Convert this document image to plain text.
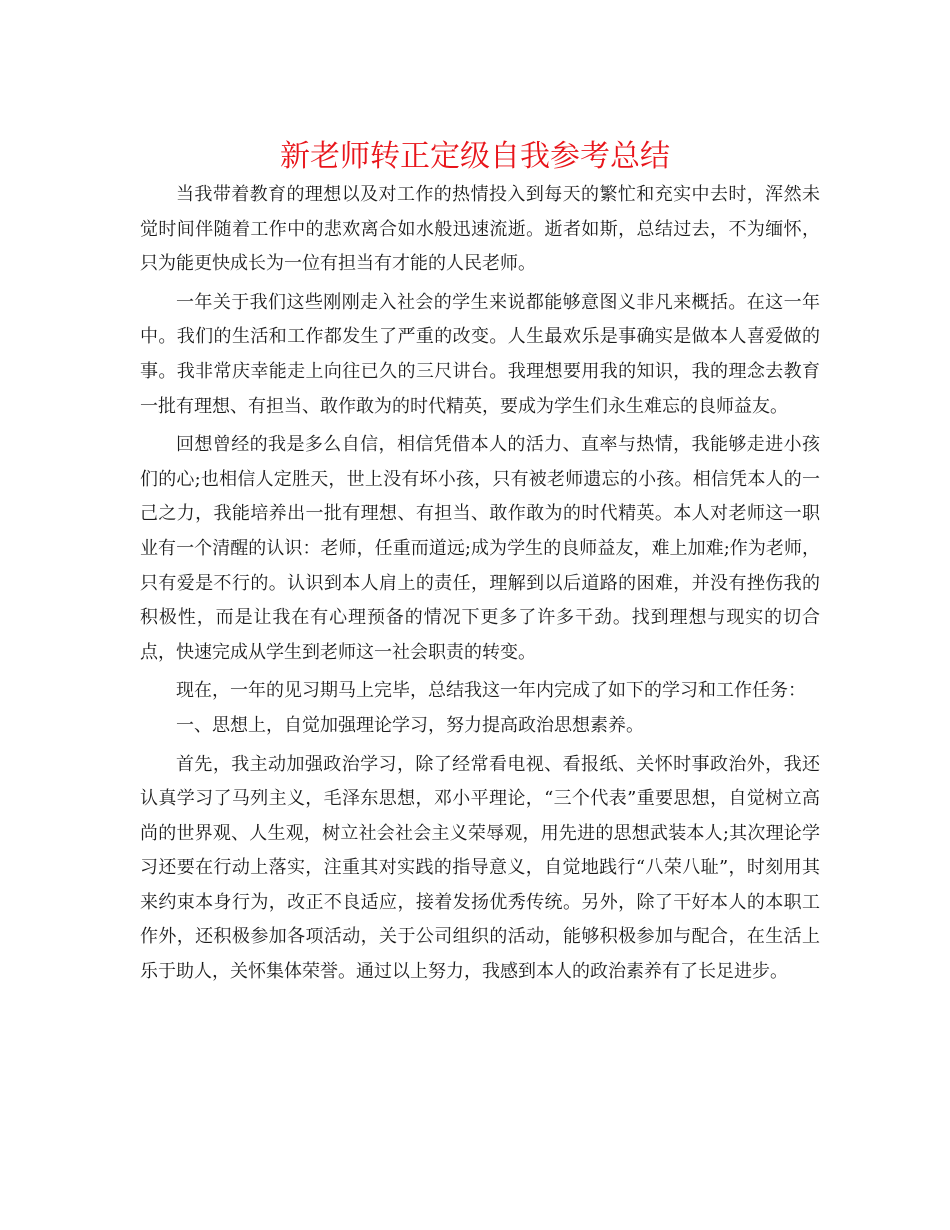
新老师转正定级自我参考总结

当我带着教育的理想以及对工作的热情投入到每天的繁忙和充实中去时，浑然未觉时间伴随着工作中的悲欢离合如水般迅速流逝。逝者如斯，总结过去，不为缅怀，只为能更快成长为一位有担当有才能的人民老师。

一年关于我们这些刚刚走入社会的学生来说都能够意图义非凡来概括。在这一年中。我们的生活和工作都发生了严重的改变。人生最欢乐是事确实是做本人喜爱做的事。我非常庆幸能走上向往已久的三尺讲台。我理想要用我的知识，我的理念去教育一批有理想、有担当、敢作敢为的时代精英，要成为学生们永生难忘的良师益友。

回想曾经的我是多么自信，相信凭借本人的活力、直率与热情，我能够走进小孩们的心;也相信人定胜天，世上没有坏小孩，只有被老师遗忘的小孩。相信凭本人的一己之力，我能培养出一批有理想、有担当、敢作敢为的时代精英。本人对老师这一职业有一个清醒的认识：老师，任重而道远;成为学生的良师益友，难上加难;作为老师，只有爱是不行的。认识到本人肩上的责任，理解到以后道路的困难，并没有挫伤我的积极性，而是让我在有心理预备的情况下更多了许多干劲。找到理想与现实的切合点，快速完成从学生到老师这一社会职责的转变。

现在，一年的见习期马上完毕，总结我这一年内完成了如下的学习和工作任务：

一、思想上，自觉加强理论学习，努力提高政治思想素养。

首先，我主动加强政治学习，除了经常看电视、看报纸、关怀时事政治外，我还认真学习了马列主义，毛泽东思想，邓小平理论，“三个代表”重要思想，自觉树立高尚的世界观、人生观，树立社会社会主义荣辱观，用先进的思想武装本人;其次理论学习还要在行动上落实，注重其对实践的指导意义，自觉地践行“八荣八耻”，时刻用其来约束本身行为，改正不良适应，接着发扬优秀传统。另外，除了干好本人的本职工作外，还积极参加各项活动，关于公司组织的活动，能够积极参加与配合，在生活上乐于助人，关怀集体荣誉。通过以上努力，我感到本人的政治素养有了长足进步。
